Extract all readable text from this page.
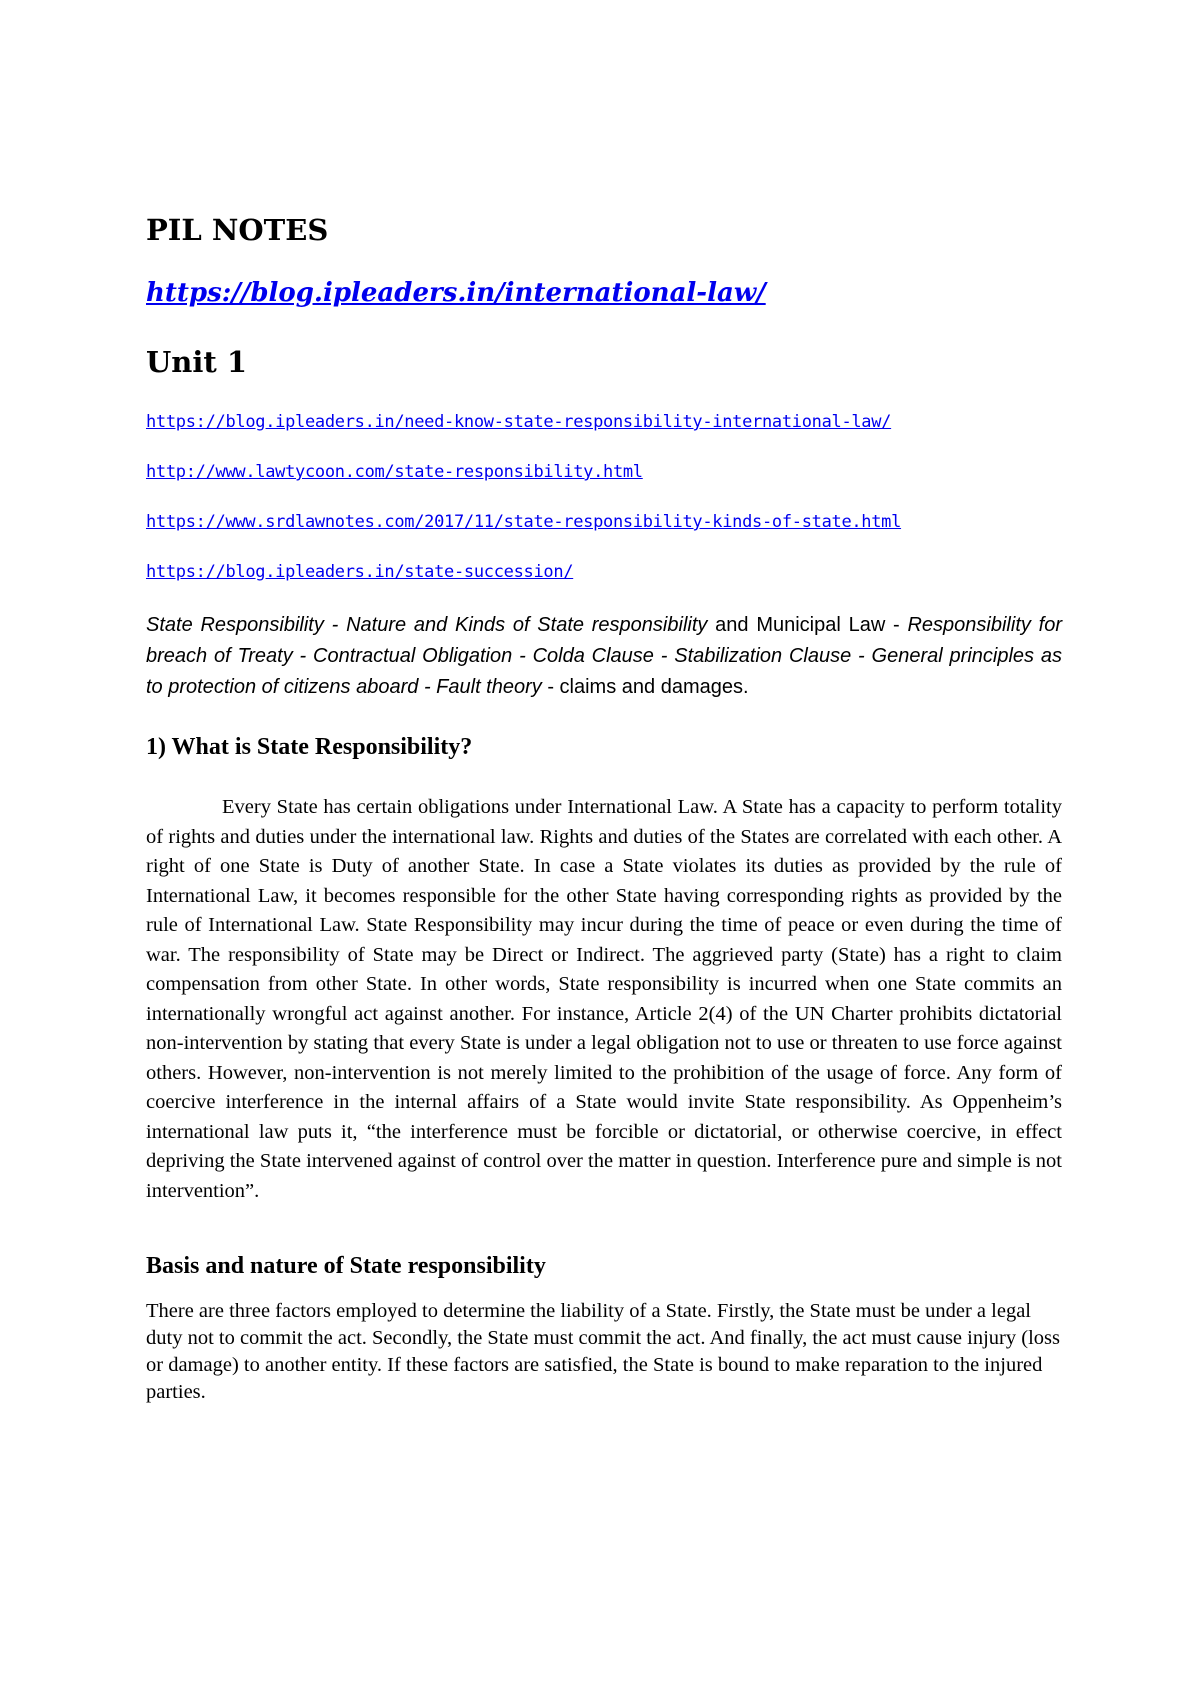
PIL NOTES
https://blog.ipleaders.in/international-law/
Unit 1
https://blog.ipleaders.in/need-know-state-responsibility-international-law/
http://www.lawtycoon.com/state-responsibility.html
https://www.srdlawnotes.com/2017/11/state-responsibility-kinds-of-state.html
https://blog.ipleaders.in/state-succession/

State Responsibility - Nature and Kinds of State responsibility and Municipal Law - Responsibility for breach of Treaty - Contractual Obligation - Colda Clause - Stabilization Clause - General principles as to protection of citizens aboard - Fault theory - claims and damages.

1) What is State Responsibility?

Every State has certain obligations under International Law. A State has a capacity to perform totality of rights and duties under the international law. Rights and duties of the States are correlated with each other. A right of one State is Duty of another State. In case a State violates its duties as provided by the rule of International Law, it becomes responsible for the other State having corresponding rights as provided by the rule of International Law. State Responsibility may incur during the time of peace or even during the time of war. The responsibility of State may be Direct or Indirect. The aggrieved party (State) has a right to claim compensation from other State. In other words, State responsibility is incurred when one State commits an internationally wrongful act against another. For instance, Article 2(4) of the UN Charter prohibits dictatorial non-intervention by stating that every State is under a legal obligation not to use or threaten to use force against others. However, non-intervention is not merely limited to the prohibition of the usage of force. Any form of coercive interference in the internal affairs of a State would invite State responsibility. As Oppenheim’s international law puts it, “the interference must be forcible or dictatorial, or otherwise coercive, in effect depriving the State intervened against of control over the matter in question. Interference pure and simple is not intervention”.

Basis and nature of State responsibility

There are three factors employed to determine the liability of a State. Firstly, the State must be under a legal duty not to commit the act. Secondly, the State must commit the act. And finally, the act must cause injury (loss or damage) to another entity. If these factors are satisfied, the State is bound to make reparation to the injured parties.
